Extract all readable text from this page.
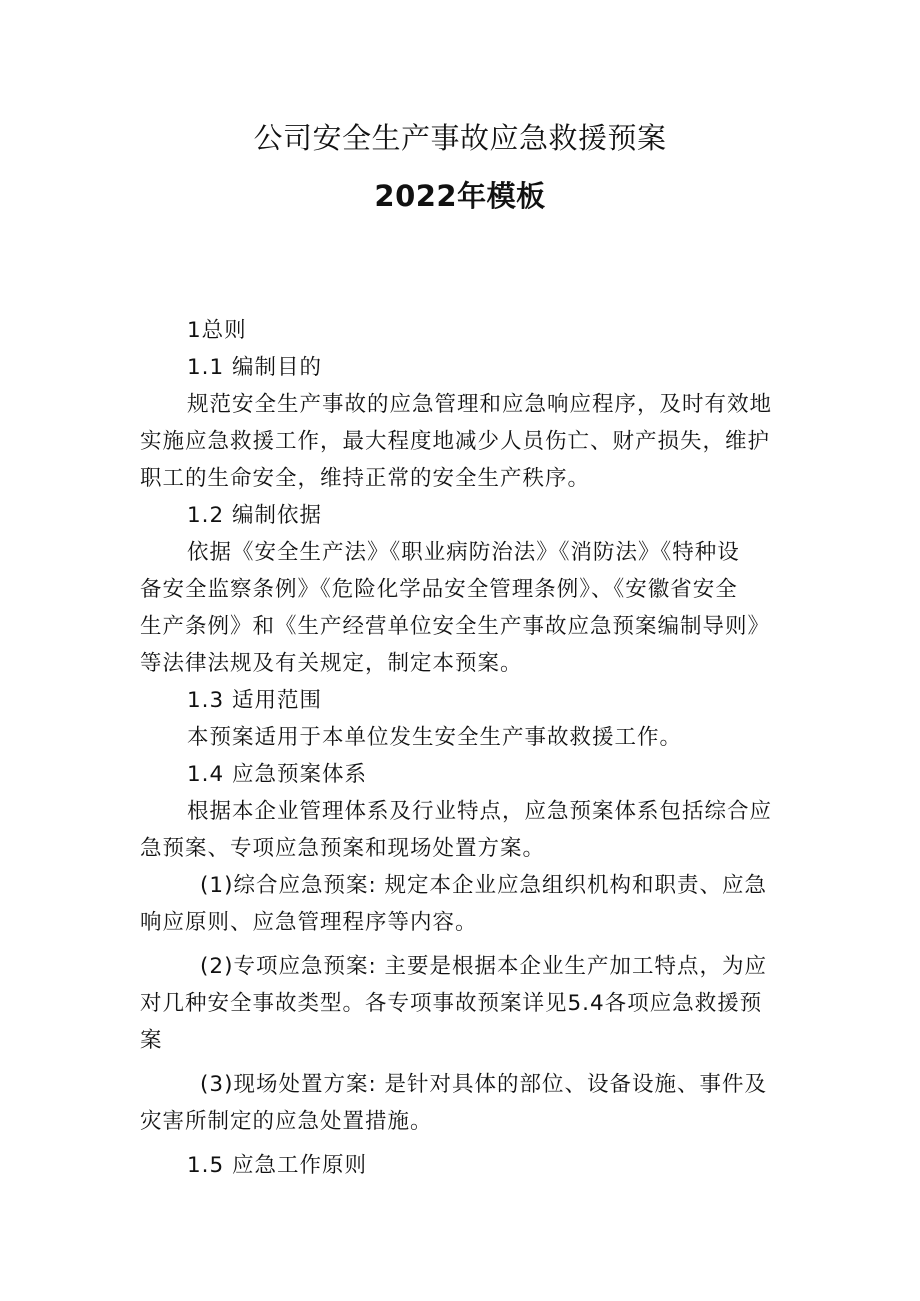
公司安全生产事故应急救援预案
2022年模板
1总则
1.1 编制目的
规范安全生产事故的应急管理和应急响应程序，及时有效地
实施应急救援工作，最大程度地减少人员伤亡、财产损失，维护
职工的生命安全，维持正常的安全生产秩序。
1.2 编制依据
依据《安全生产法》《职业病防治法》《消防法》《特种设
备安全监察条例》《危险化学品安全管理条例》、《安徽省安全
生产条例》和《生产经营单位安全生产事故应急预案编制导则》
等法律法规及有关规定，制定本预案。
1.3 适用范围
本预案适用于本单位发生安全生产事故救援工作。
1.4 应急预案体系
根据本企业管理体系及行业特点，应急预案体系包括综合应
急预案、专项应急预案和现场处置方案。
(1)综合应急预案: 规定本企业应急组织机构和职责、应急
响应原则、应急管理程序等内容。
(2)专项应急预案: 主要是根据本企业生产加工特点，为应
对几种安全事故类型。各专项事故预案详见5.4各项应急救援预
案
(3)现场处置方案: 是针对具体的部位、设备设施、事件及
灾害所制定的应急处置措施。
1.5 应急工作原则
